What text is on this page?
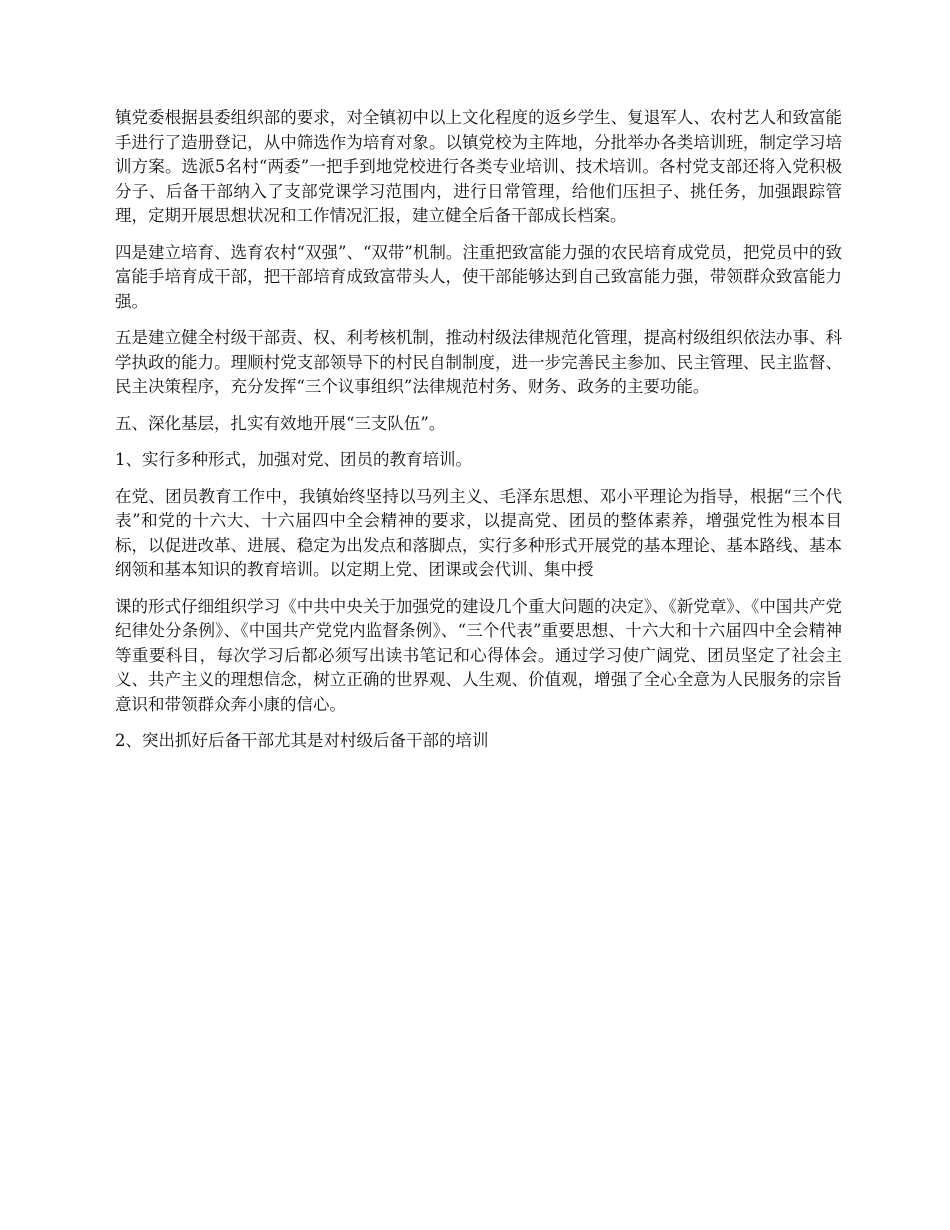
镇党委根据县委组织部的要求，对全镇初中以上文化程度的返乡学生、复退军人、农村艺人和致富能手进行了造册登记，从中筛选作为培育对象。以镇党校为主阵地，分批举办各类培训班，制定学习培训方案。选派5名村“两委”一把手到地党校进行各类专业培训、技术培训。各村党支部还将入党积极分子、后备干部纳入了支部党课学习范围内，进行日常管理，给他们压担子、挑任务，加强跟踪管理，定期开展思想状况和工作情况汇报，建立健全后备干部成长档案。

四是建立培育、选育农村“双强”、“双带”机制。注重把致富能力强的农民培育成党员，把党员中的致富能手培育成干部，把干部培育成致富带头人，使干部能够达到自己致富能力强，带领群众致富能力强。

五是建立健全村级干部责、权、利考核机制，推动村级法律规范化管理，提高村级组织依法办事、科学执政的能力。理顺村党支部领导下的村民自制制度，进一步完善民主参加、民主管理、民主监督、民主决策程序，充分发挥“三个议事组织”法律规范村务、财务、政务的主要功能。

五、深化基层，扎实有效地开展“三支队伍”。

1、实行多种形式，加强对党、团员的教育培训。

在党、团员教育工作中，我镇始终坚持以马列主义、毛泽东思想、邓小平理论为指导，根据“三个代表”和党的十六大、十六届四中全会精神的要求，以提高党、团员的整体素养，增强党性为根本目标，以促进改革、进展、稳定为出发点和落脚点，实行多种形式开展党的基本理论、基本路线、基本纲领和基本知识的教育培训。以定期上党、团课或会代训、集中授

课的形式仔细组织学习《中共中央关于加强党的建设几个重大问题的决定》、《新党章》、《中国共产党纪律处分条例》、《中国共产党党内监督条例》、“三个代表”重要思想、十六大和十六届四中全会精神等重要科目，每次学习后都必须写出读书笔记和心得体会。通过学习使广阔党、团员坚定了社会主义、共产主义的理想信念，树立正确的世界观、人生观、价值观，增强了全心全意为人民服务的宗旨意识和带领群众奔小康的信心。

2、突出抓好后备干部尤其是对村级后备干部的培训
